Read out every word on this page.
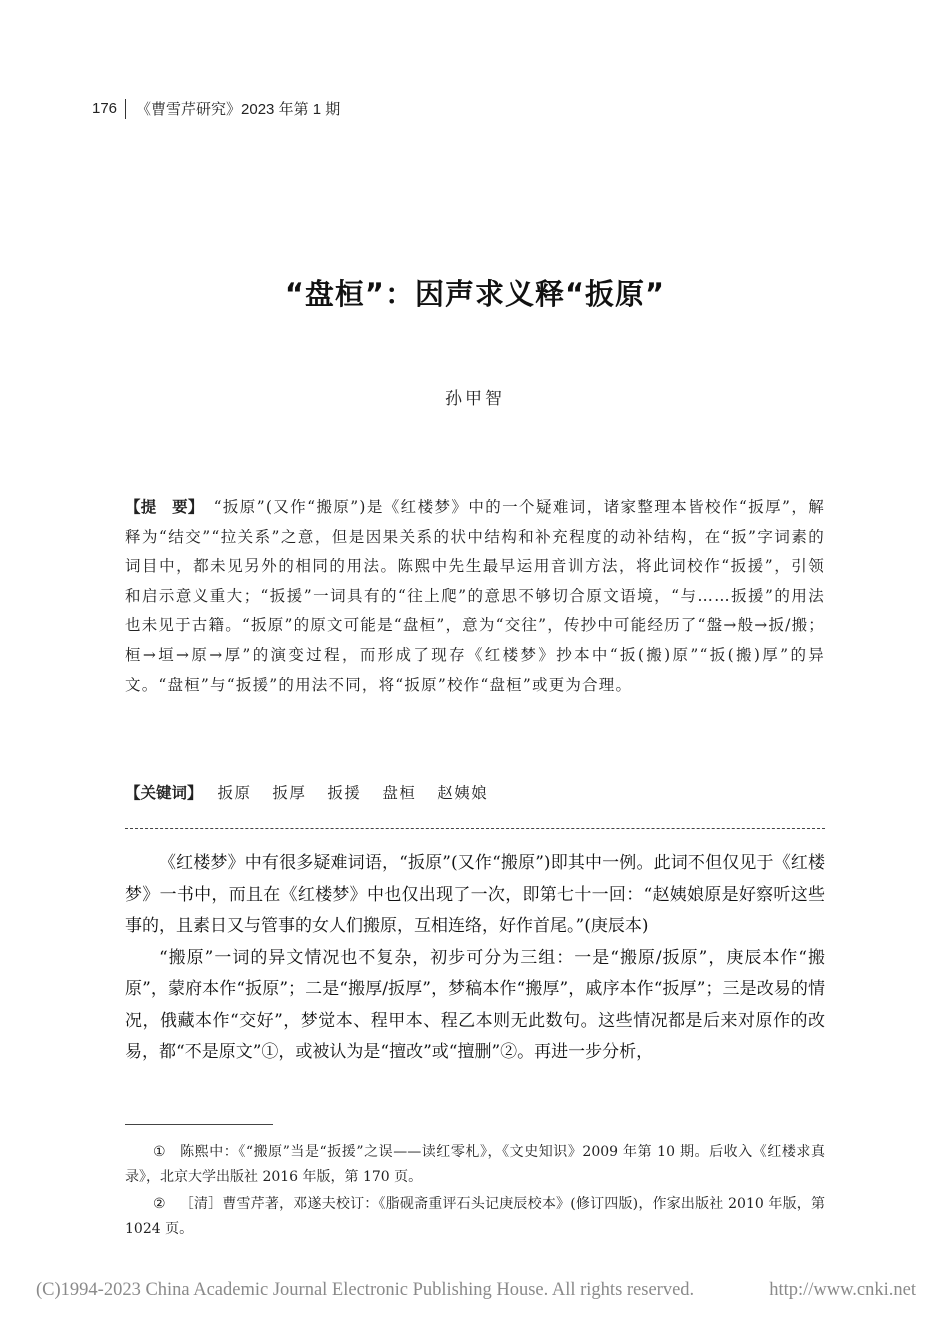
176	《曹雪芹研究》2023 年第 1 期
“盘桓”：因声求义释“扳原”
孙甲智
【提　要】 “扳原”(又作“搬原”)是《红楼梦》中的一个疑难词，诸家整理本皆校作“扳厚”，解释为“结交”“拉关系”之意，但是因果关系的状中结构和补充程度的动补结构，在“扳”字词素的词目中，都未见另外的相同的用法。陈熙中先生最早运用音训方法，将此词校作“扳援”，引领和启示意义重大；“扳援”一词具有的“往上爬”的意思不够切合原文语境，“与……扳援”的用法也未见于古籍。“扳原”的原文可能是“盘桓”，意为“交往”，传抄中可能经历了“盤→般→扳/搬；桓→垣→原→厚”的演变过程，而形成了现存《红楼梦》抄本中“扳(搬)原”“扳(搬)厚”的异文。“盘桓”与“扳援”的用法不同，将“扳原”校作“盘桓”或更为合理。
【关键词】 扳原 扳厚 扳援 盘桓 赵姨娘

《红楼梦》中有很多疑难词语，“扳原”(又作“搬原”)即其中一例。此词不但仅见于《红楼梦》一书中，而且在《红楼梦》中也仅出现了一次，即第七十一回：“赵姨娘原是好察听这些事的，且素日又与管事的女人们搬原，互相连络，好作首尾。”(庚辰本)

“搬原”一词的异文情况也不复杂，初步可分为三组：一是“搬原/扳原”，庚辰本作“搬原”，蒙府本作“扳原”；二是“搬厚/扳厚”，梦稿本作“搬厚”，戚序本作“扳厚”；三是改易的情况，俄藏本作“交好”，梦觉本、程甲本、程乙本则无此数句。这些情况都是后来对原作的改易，都“不是原文”①，或被认为是“擅改”或“擅删”②。再进一步分析，

① 陈熙中：《“搬原”当是“扳援”之误——读红零札》，《文史知识》2009 年第 10 期。后收入《红楼求真录》，北京大学出版社 2016 年版，第 170 页。

② ［清］曹雪芹著，邓遂夫校订：《脂砚斋重评石头记庚辰校本》(修订四版)，作家出版社 2010 年版，第 1024 页。

(C)1994-2023 China Academic Journal Electronic Publishing House. All rights reserved.	http://www.cnki.net
